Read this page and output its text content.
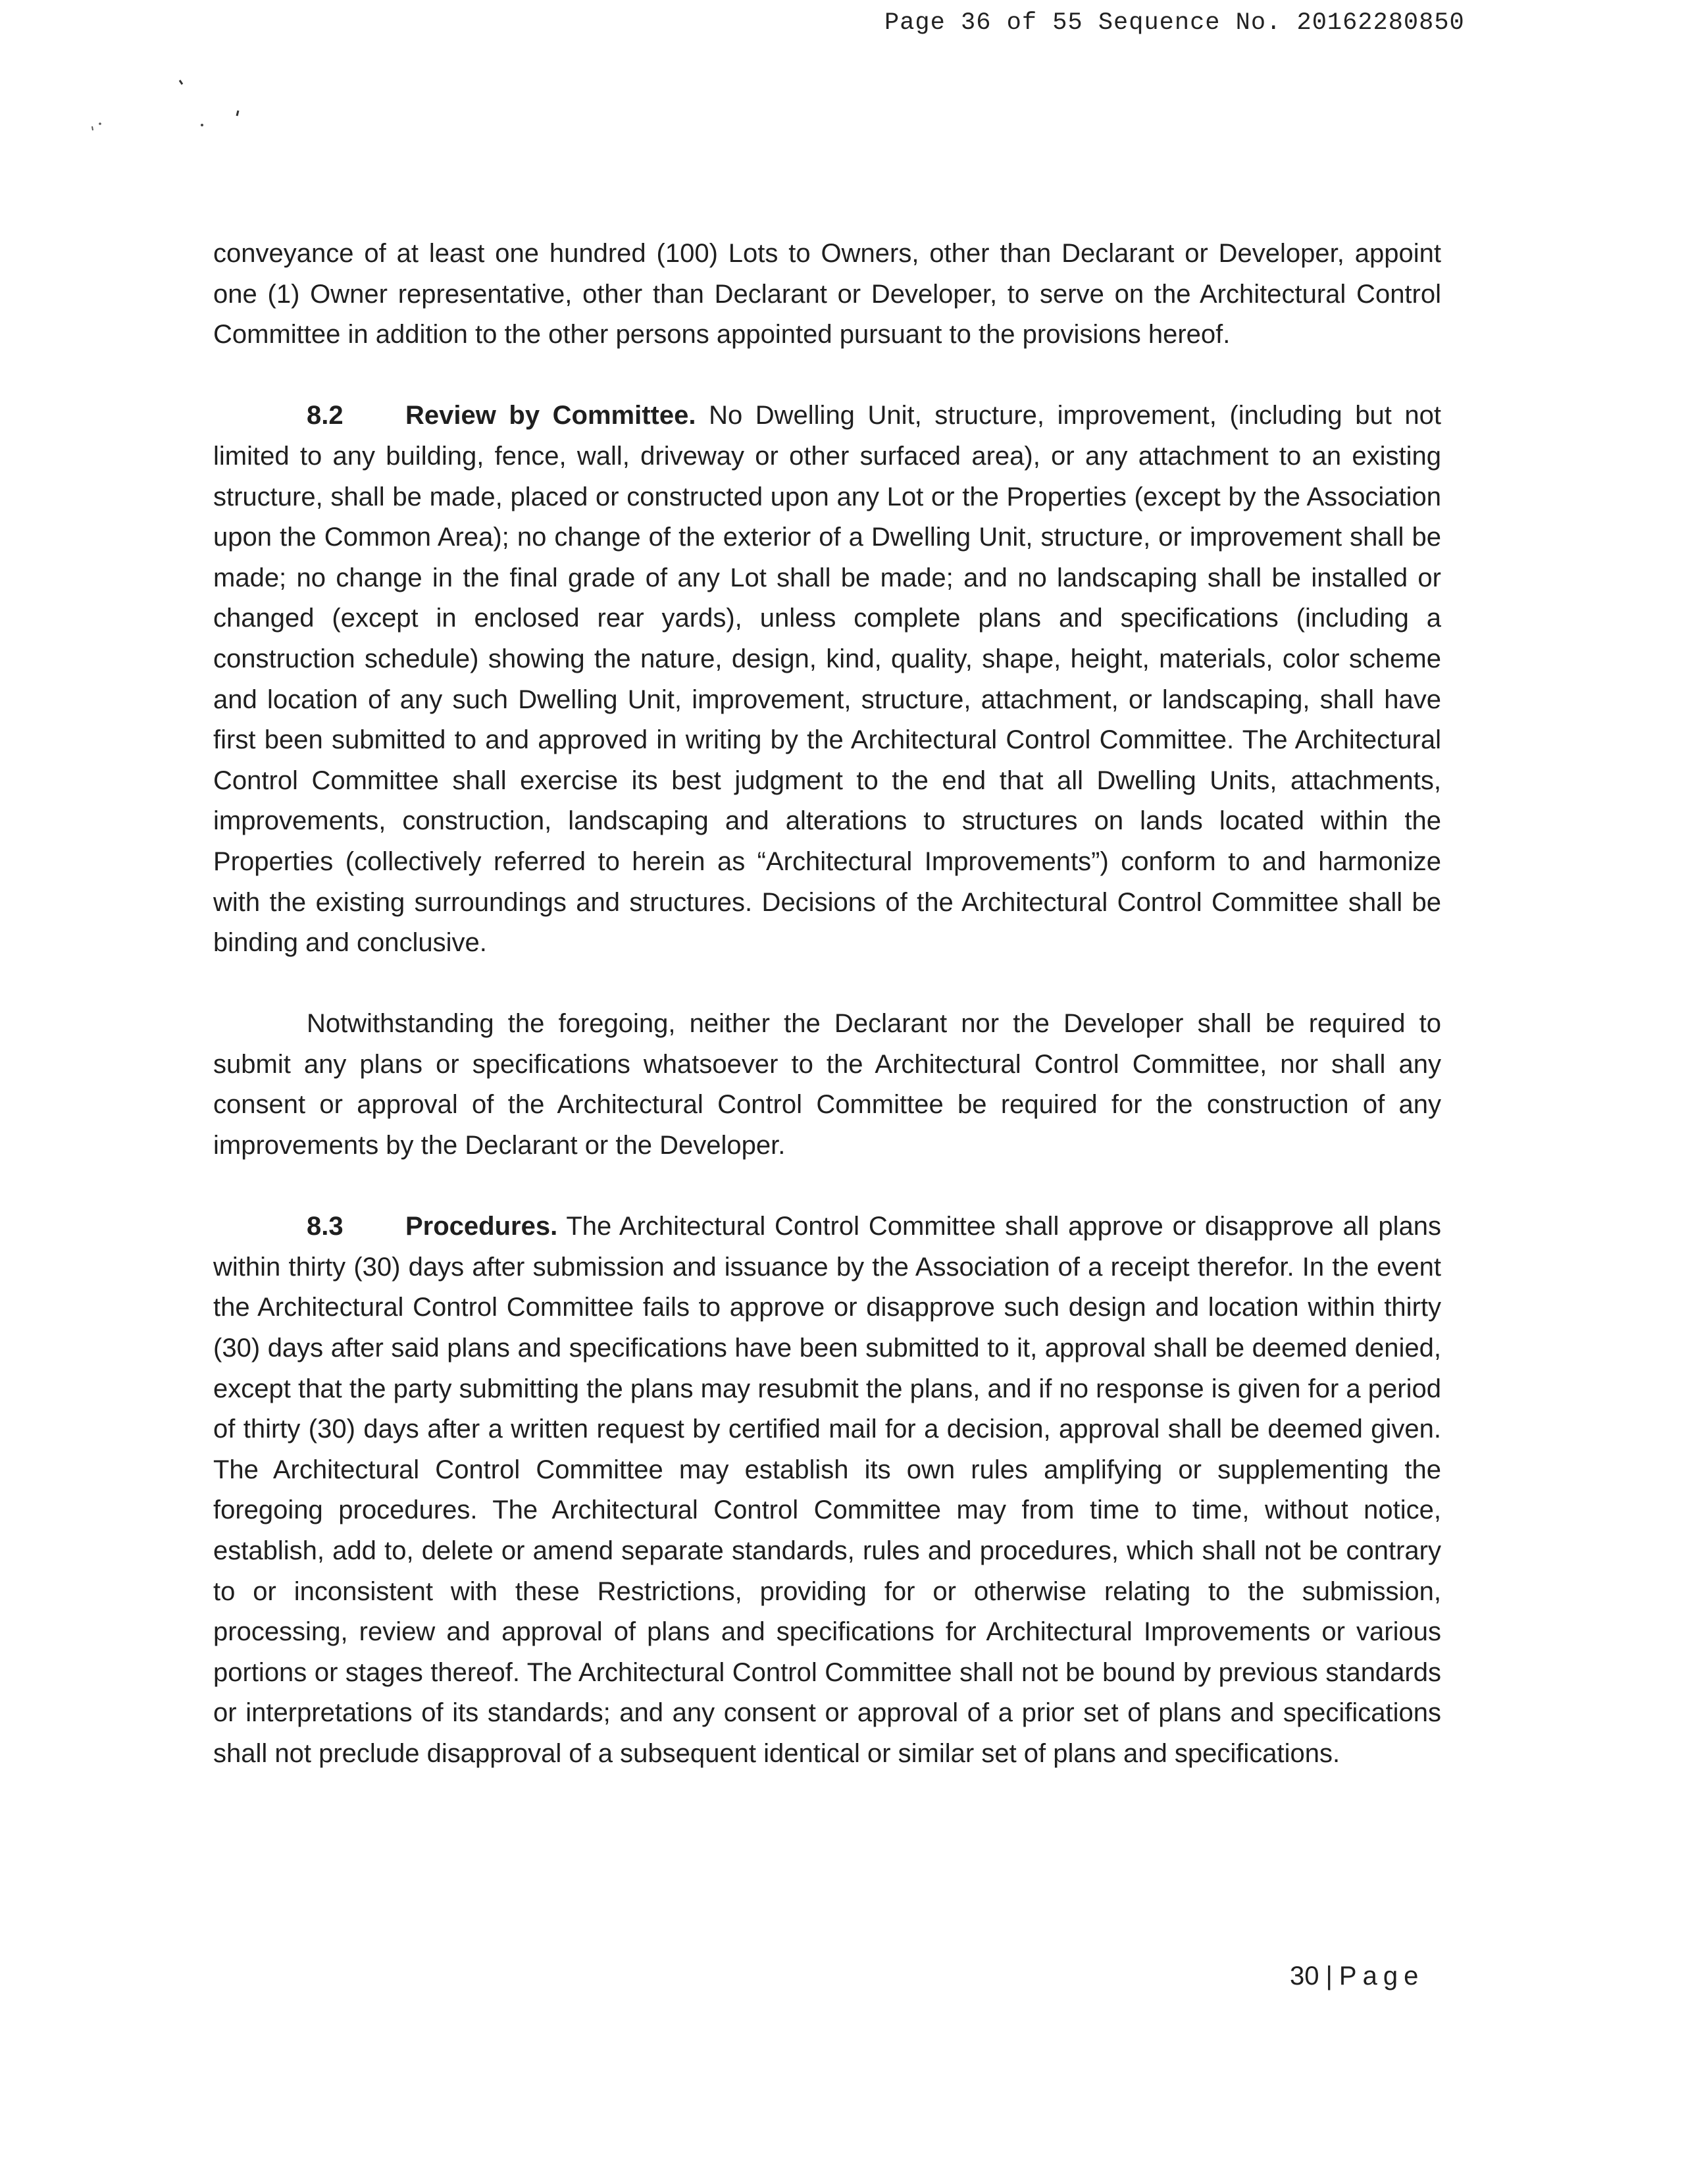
Page 36 of 55 Sequence No. 20162280850

conveyance of at least one hundred (100) Lots to Owners, other than Declarant or Developer, appoint one (1) Owner representative, other than Declarant or Developer, to serve on the Architectural Control Committee in addition to the other persons appointed pursuant to the provisions hereof.

8.2 Review by Committee. No Dwelling Unit, structure, improvement, (including but not limited to any building, fence, wall, driveway or other surfaced area), or any attachment to an existing structure, shall be made, placed or constructed upon any Lot or the Properties (except by the Association upon the Common Area); no change of the exterior of a Dwelling Unit, structure, or improvement shall be made; no change in the final grade of any Lot shall be made; and no landscaping shall be installed or changed (except in enclosed rear yards), unless complete plans and specifications (including a construction schedule) showing the nature, design, kind, quality, shape, height, materials, color scheme and location of any such Dwelling Unit, improvement, structure, attachment, or landscaping, shall have first been submitted to and approved in writing by the Architectural Control Committee. The Architectural Control Committee shall exercise its best judgment to the end that all Dwelling Units, attachments, improvements, construction, landscaping and alterations to structures on lands located within the Properties (collectively referred to herein as “Architectural Improvements”) conform to and harmonize with the existing surroundings and structures. Decisions of the Architectural Control Committee shall be binding and conclusive.

Notwithstanding the foregoing, neither the Declarant nor the Developer shall be required to submit any plans or specifications whatsoever to the Architectural Control Committee, nor shall any consent or approval of the Architectural Control Committee be required for the construction of any improvements by the Declarant or the Developer.

8.3 Procedures. The Architectural Control Committee shall approve or disapprove all plans within thirty (30) days after submission and issuance by the Association of a receipt therefor. In the event the Architectural Control Committee fails to approve or disapprove such design and location within thirty (30) days after said plans and specifications have been submitted to it, approval shall be deemed denied, except that the party submitting the plans may resubmit the plans, and if no response is given for a period of thirty (30) days after a written request by certified mail for a decision, approval shall be deemed given. The Architectural Control Committee may establish its own rules amplifying or supplementing the foregoing procedures. The Architectural Control Committee may from time to time, without notice, establish, add to, delete or amend separate standards, rules and procedures, which shall not be contrary to or inconsistent with these Restrictions, providing for or otherwise relating to the submission, processing, review and approval of plans and specifications for Architectural Improvements or various portions or stages thereof. The Architectural Control Committee shall not be bound by previous standards or interpretations of its standards; and any consent or approval of a prior set of plans and specifications shall not preclude disapproval of a subsequent identical or similar set of plans and specifications.

30 | Page
